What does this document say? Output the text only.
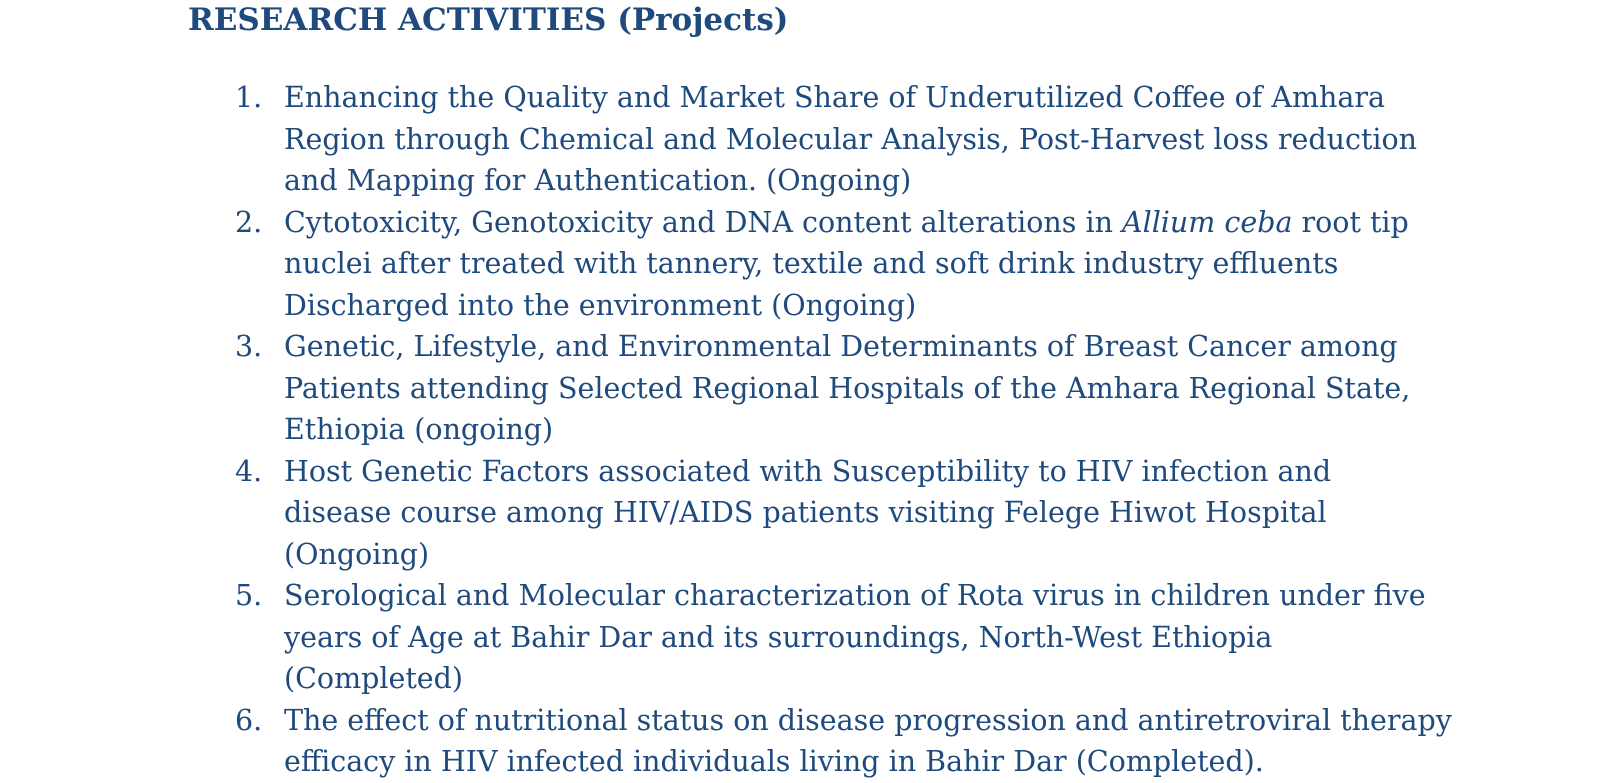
RESEARCH ACTIVITIES (Projects)
1. Enhancing the Quality and Market Share of Underutilized Coffee of Amhara
Region through Chemical and Molecular Analysis, Post-Harvest loss reduction
and Mapping for Authentication. (Ongoing)
2. Cytotoxicity, Genotoxicity and DNA content alterations in Allium ceba root tip
nuclei after treated with tannery, textile and soft drink industry effluents
Discharged into the environment (Ongoing)
3. Genetic, Lifestyle, and Environmental Determinants of Breast Cancer among
Patients attending Selected Regional Hospitals of the Amhara Regional State,
Ethiopia (ongoing)
4. Host Genetic Factors associated with Susceptibility to HIV infection and
disease course among HIV/AIDS patients visiting Felege Hiwot Hospital
(Ongoing)
5. Serological and Molecular characterization of Rota virus in children under five
years of Age at Bahir Dar and its surroundings, North-West Ethiopia
(Completed)
6. The effect of nutritional status on disease progression and antiretroviral therapy
efficacy in HIV infected individuals living in Bahir Dar (Completed).
